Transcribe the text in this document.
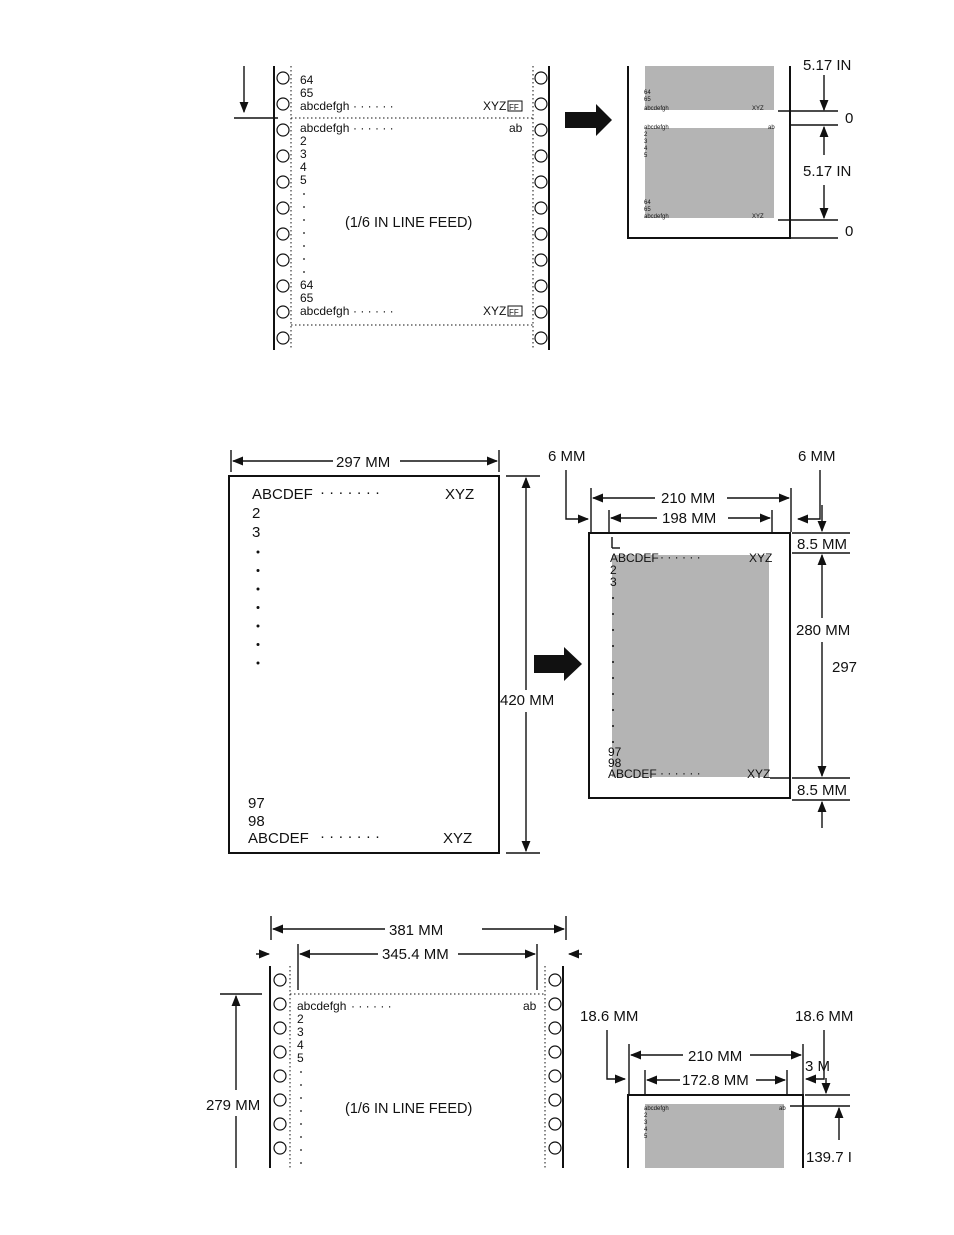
64
65
abcdefgh · · · · · ·	XYZ FF
abcdefgh · · · · · ·	ab
2
3
4
5
(1/6 IN LINE FEED)
64
65
abcdefgh · · · · · ·	XYZ FF
64
65
abcdefgh	XYZ
abcdefgh	ab
2
3
4
5
64
65
abcdefgh	XYZ
5.17 IN
0
5.17 IN
0
297 MM
ABCDEF · · · · · · ·	XYZ
2
3
97
98
ABCDEF · · · · · · ·	XYZ
420 MM
ABCDEF · · · · · ·	XYZ
2
3
97
98
ABCDEF · · · · · ·	XYZ
6 MM	6 MM
210 MM
198 MM
8.5 MM
280 MM
297
8.5 MM
381 MM
345.4 MM
279 MM
abcdefgh · · · · · ·	ab
2
3
4
5
(1/6 IN LINE FEED)	abcdefgh	ab
2
3
4
5
18.6 MM	18.6 MM
210 MM
172.8 MM
3 M
139.7 I
